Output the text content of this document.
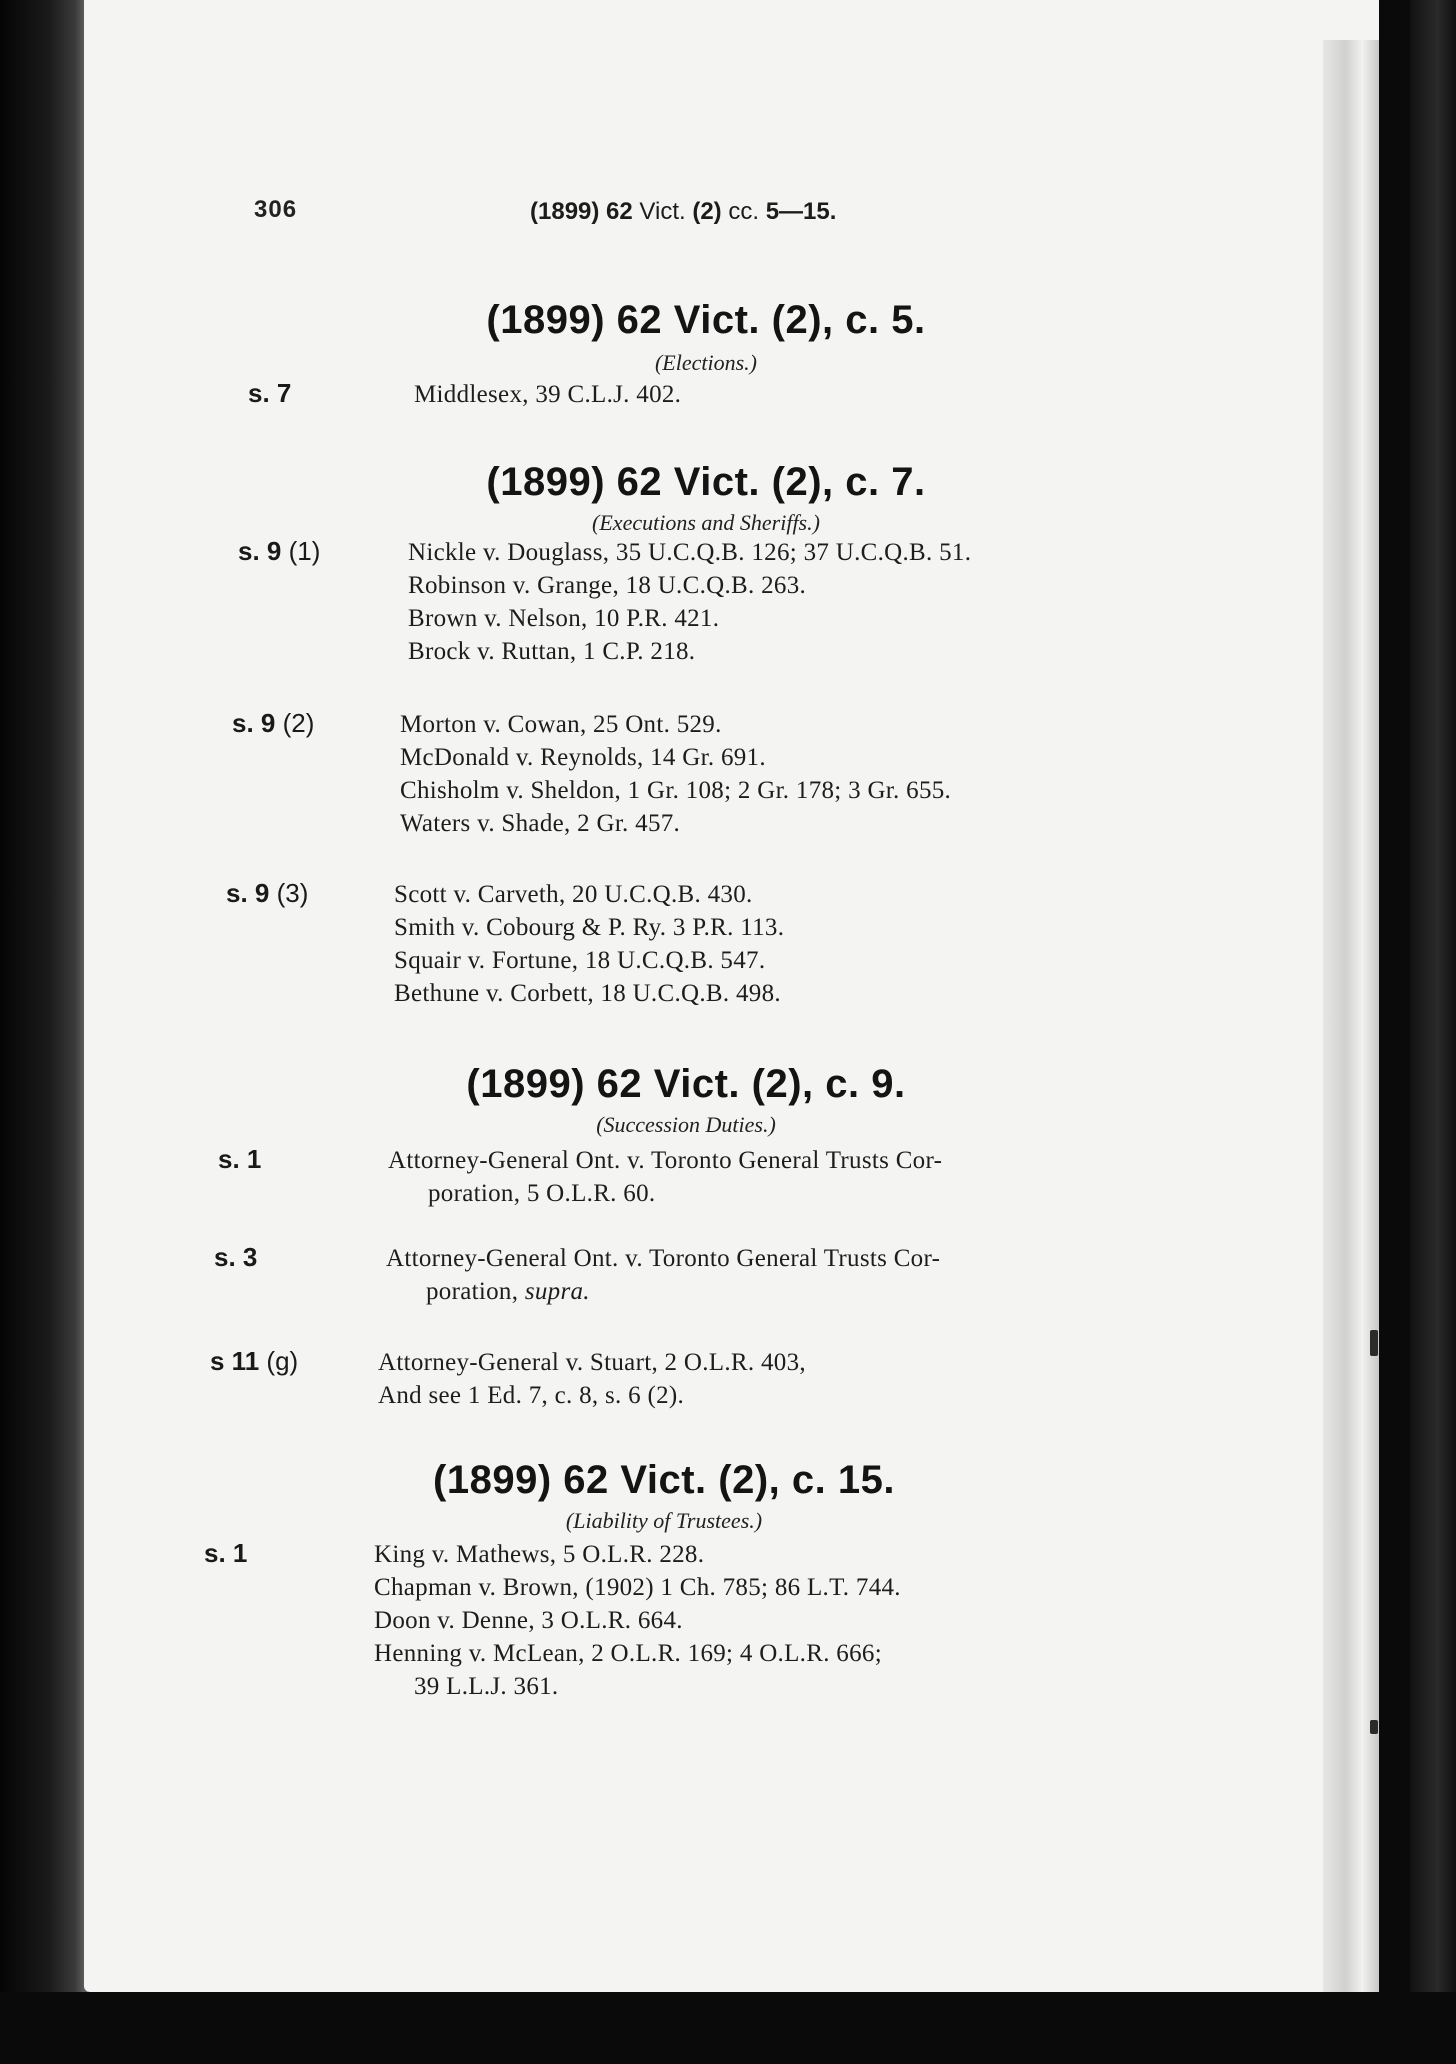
306	(1899) 62 Vict. (2) cc. 5—15.
(1899) 62 Vict. (2), c. 5.
(Elections.)
s. 7	Middlesex, 39 C.L.J. 402.
(1899) 62 Vict. (2), c. 7.
(Executions and Sheriffs.)
s. 9 (1)	Nickle v. Douglass, 35 U.C.Q.B. 126; 37 U.C.Q.B. 51.
Robinson v. Grange, 18 U.C.Q.B. 263.
Brown v. Nelson, 10 P.R. 421.
Brock v. Ruttan, 1 C.P. 218.
s. 9 (2)	Morton v. Cowan, 25 Ont. 529.
McDonald v. Reynolds, 14 Gr. 691.
Chisholm v. Sheldon, 1 Gr. 108; 2 Gr. 178; 3 Gr. 655.
Waters v. Shade, 2 Gr. 457.
s. 9 (3)	Scott v. Carveth, 20 U.C.Q.B. 430.
Smith v. Cobourg & P. Ry. 3 P.R. 113.
Squair v. Fortune, 18 U.C.Q.B. 547.
Bethune v. Corbett, 18 U.C.Q.B. 498.
(1899) 62 Vict. (2), c. 9.
(Succession Duties.)
s. 1	Attorney-General Ont. v. Toronto General Trusts Cor-
poration, 5 O.L.R. 60.
s. 3	Attorney-General Ont. v. Toronto General Trusts Cor-
poration, supra.
s 11 (g)	Attorney-General v. Stuart, 2 O.L.R. 403,
And see 1 Ed. 7, c. 8, s. 6 (2).
(1899) 62 Vict. (2), c. 15.
(Liability of Trustees.)
s. 1	King v. Mathews, 5 O.L.R. 228.
Chapman v. Brown, (1902) 1 Ch. 785; 86 L.T. 744.
Doon v. Denne, 3 O.L.R. 664.
Henning v. McLean, 2 O.L.R. 169; 4 O.L.R. 666;
39 L.L.J. 361.
